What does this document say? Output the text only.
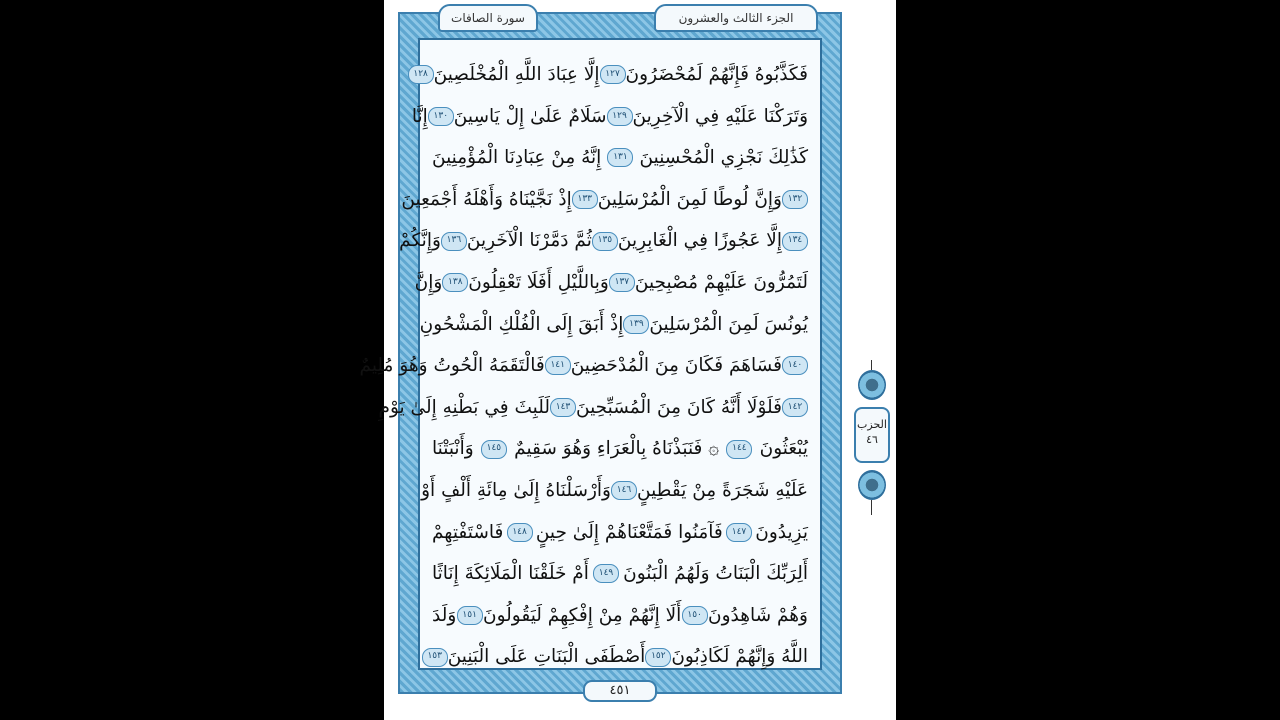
الجزء الثالث والعشرون
سورة الصافات
فَكَذَّبُوهُ فَإِنَّهُمْ لَمُحْضَرُونَ
١٢٧
إِلَّا عِبَادَ اللَّهِ الْمُخْلَصِينَ
١٢٨
وَتَرَكْنَا عَلَيْهِ فِي الْآخِرِينَ
١٢٩
سَلَامٌ عَلَىٰ إِلْ يَاسِينَ
١٣٠
إِنَّا
كَذَٰلِكَ نَجْزِي الْمُحْسِنِينَ
١٣١
إِنَّهُ مِنْ عِبَادِنَا الْمُؤْمِنِينَ
١٣٢
وَإِنَّ لُوطًا لَمِنَ الْمُرْسَلِينَ
١٣٣
إِذْ نَجَّيْنَاهُ وَأَهْلَهُ أَجْمَعِينَ
١٣٤
إِلَّا عَجُوزًا فِي الْغَابِرِينَ
١٣٥
ثُمَّ دَمَّرْنَا الْآخَرِينَ
١٣٦
وَإِنَّكُمْ
لَتَمُرُّونَ عَلَيْهِمْ مُصْبِحِينَ
١٣٧
وَبِاللَّيْلِ أَفَلَا تَعْقِلُونَ
١٣٨
وَإِنَّ
يُونُسَ لَمِنَ الْمُرْسَلِينَ
١٣٩
إِذْ أَبَقَ إِلَى الْفُلْكِ الْمَشْحُونِ
١٤٠
فَسَاهَمَ فَكَانَ مِنَ الْمُدْحَضِينَ
١٤١
فَالْتَقَمَهُ الْحُوتُ وَهُوَ مُلِيمٌ
١٤٢
فَلَوْلَا أَنَّهُ كَانَ مِنَ الْمُسَبِّحِينَ
١٤٣
لَلَبِثَ فِي بَطْنِهِ إِلَىٰ يَوْمِ
يُبْعَثُونَ
١٤٤
۞ فَنَبَذْنَاهُ بِالْعَرَاءِ وَهُوَ سَقِيمٌ
١٤٥
وَأَنْبَتْنَا
عَلَيْهِ شَجَرَةً مِنْ يَقْطِينٍ
١٤٦
وَأَرْسَلْنَاهُ إِلَىٰ مِائَةِ أَلْفٍ أَوْ
يَزِيدُونَ
١٤٧
فَآمَنُوا فَمَتَّعْنَاهُمْ إِلَىٰ حِينٍ
١٤٨
فَاسْتَفْتِهِمْ
أَلِرَبِّكَ الْبَنَاتُ وَلَهُمُ الْبَنُونَ
١٤٩
أَمْ خَلَقْنَا الْمَلَائِكَةَ إِنَاثًا
وَهُمْ شَاهِدُونَ
١٥٠
أَلَا إِنَّهُمْ مِنْ إِفْكِهِمْ لَيَقُولُونَ
١٥١
وَلَدَ
اللَّهُ وَإِنَّهُمْ لَكَاذِبُونَ
١٥٢
أَصْطَفَى الْبَنَاتِ عَلَى الْبَنِينَ
١٥٣
٤٥١
الحزب
٤٦
